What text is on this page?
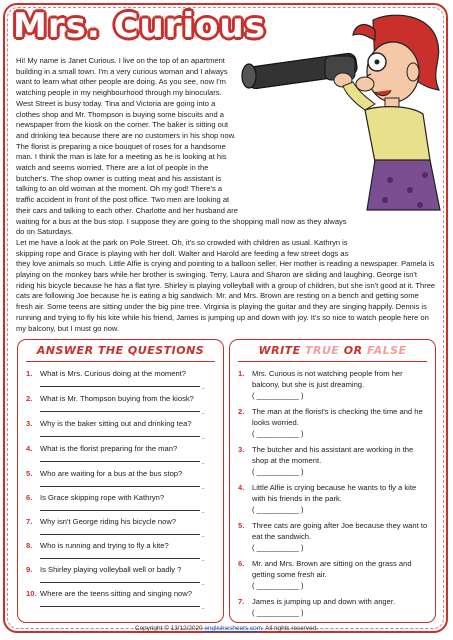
Mrs. Curious

Hi! My name is Janet Curious. I live on the top of an apartment building in a small town. I'm a very curious woman and I always want to learn what other people are doing. As you see, now I'm watching people in my neighbourhood through my binoculars.

West Street is busy today. Tina and Victoria are going into a clothes shop and Mr. Thompson is buying some biscuits and a newspaper from the kiosk on the corner. The baker is sitting out and drinking tea because there are no customers in his shop now. The florist is preparing a nice bouquet of roses for a handsome man. I think the man is late for a meeting as he is looking at his watch and seems worried. There are a lot of people in the butcher's. The shop owner is cutting meat and his assistant is talking to an old woman at the moment. Oh my god! There's a traffic accident in front of the post office. Two men are looking at their cars and talking to each other. Charlotte and her husband are waiting for a bus at the bus stop. I suppose they are going to the shopping mall now as they always do on Saturdays.

Let me have a look at the park on Pole Street. Oh, it's so crowded with children as usual. Kathryn is skipping rope and Grace is playing with her doll. Walter and Harold are feeding a few street dogs as they love animals so much. Little Alfie is crying and pointing to a balloon seller. Her mother is reading a newspaper. Pamela is playing on the monkey bars while her brother is swinging. Terry, Laura and Sharon are sliding and laughing. George isn't riding his bicycle because he has a flat tyre. Shirley is playing volleyball with a group of children, but she isn't good at it. Three cats are following Joe because he is eating a big sandwich. Mr. and Mrs. Brown are resting on a bench and getting some fresh air. Some teens are sitting under the big pine tree. Virginia is playing the guitar and they are singing happily. Dennis is running and trying to fly his kite while his friend, James is jumping up and down with joy. It's so nice to watch people here on my balcony, but I must go now.

ANSWER THE QUESTIONS
1. What is Mrs. Curious doing at the moment?
.
2. What is Mr. Thompson buying from the kiosk?
.
3. Why is the baker sitting out and drinking tea?
.
4. What is the florist preparing for the man?
.
5. Who are waiting for a bus at the bus stop?
.
6. Is Grace skipping rope with Kathryn?
.
7. Why isn't George riding his bicycle now?
.
8. Who is running and trying to fly a kite?
.
9. Is Shirley playing volleyball well or badly ?
.
10. Where are the teens sitting and singing now?
.
WRITE TRUE OR FALSE
1. Mrs. Curious is not watching people from her balcony, but she is just dreaming.
( __________ )
2. The man at the florist's is checking the time and he looks worried.
( __________ )
3. The butcher and his assistant are working in the shop at the moment.
( __________ )
4. Little Alfie is crying because he wants to fly a kite with his friends in the park.
( __________ )
5. Three cats are going after Joe because they want to eat the sandwich.
( __________ )
6. Mr. and Mrs. Brown are sitting on the grass and getting some fresh air.
( __________ )
7. James is jumping up and down with anger.
( __________ )
Copyright © 13/12/2020 englishwsheets.com. All rights reserved.
